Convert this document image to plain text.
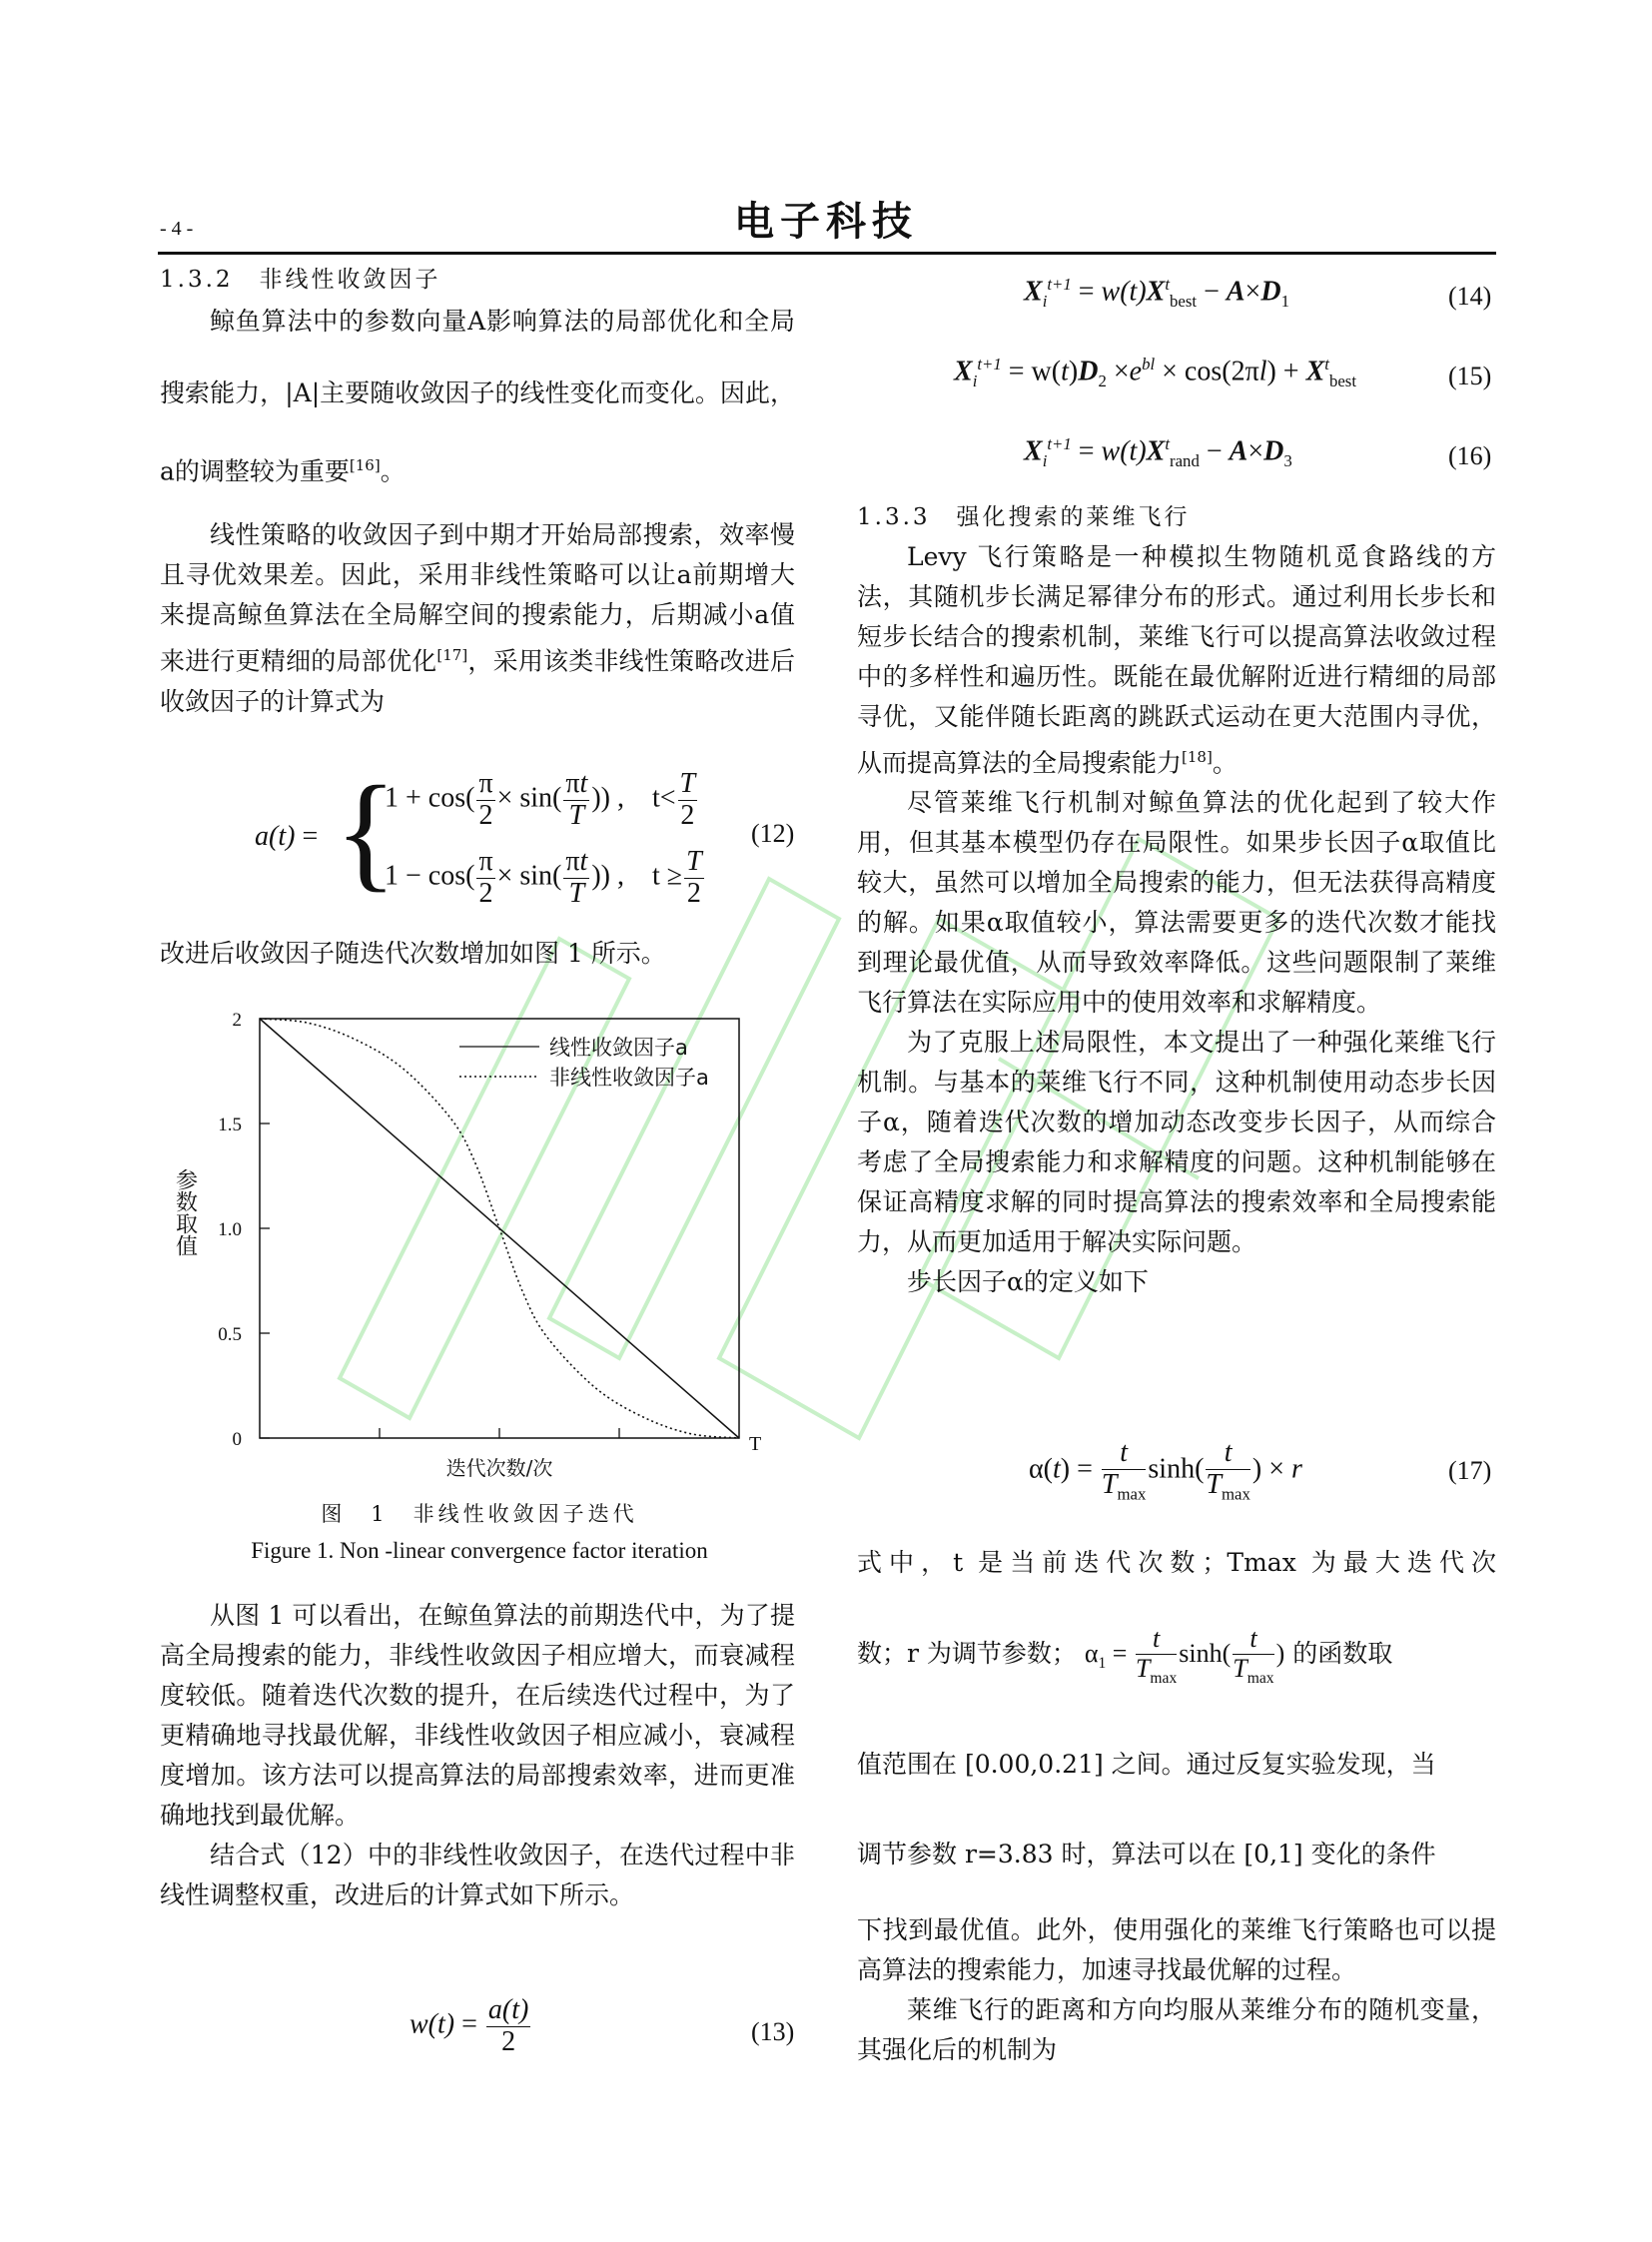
- 4 -	电子科技

1.3.2　非线性收敛因子

鲸鱼算法中的参数向量A影响算法的局部优化和全局搜索能力，|A|主要随收敛因子的线性变化而变化。因此，a的调整较为重要[16]。

线性策略的收敛因子到中期才开始局部搜索，效率慢且寻优效果差。因此，采用非线性策略可以让a前期增大来提高鲸鱼算法在全局解空间的搜索能力，后期减小a值来进行更精细的局部优化[17]，采用该类非线性策略改进后收敛因子的计算式为

a(t) = {
$1 + \cos( \frac{\pi}{2} \times \sin( \frac{\pi t}{T}$ )) ,    $t< \frac{T}{2}$
$1 - \cos( \frac{\pi}{2} \times \sin( \frac{\pi t}{T}$ )) ,    $t \ge \frac{T}{2}$
(12)

改进后收敛因子随迭代次数增加如图 1 所示。

0
0.5
1.0
1.5
2
T
线性收敛因子a
非线性收敛因子a
参数取值
迭代次数/次
图　1　非线性收敛因子迭代
Figure 1. Non -linear convergence factor iteration

从图 1 可以看出，在鲸鱼算法的前期迭代中，为了提高全局搜索的能力，非线性收敛因子相应增大，而衰减程度较低。随着迭代次数的提升，在后续迭代过程中，为了更精确地寻找最优解，非线性收敛因子相应减小，衰减程度增加。该方法可以提高算法的局部搜索效率，进而更准确地找到最优解。

结合式（12）中的非线性收敛因子，在迭代过程中非线性调整权重，改进后的计算式如下所示。

$w(t) = \frac{a(t)}{2}$	(13)
$X_i^{t+1} = w(t)X^t_{best} - A\times D_1$	(14)
$X_i^{t+1} = w(t)D_2 \times e^{bl} \times \cos(2\pi l) + X^t_{best}$	(15)
$X_i^{t+1} = w(t)X^t_{rand} - A\times D_3$	(16)

1.3.3　强化搜索的莱维飞行

Levy 飞行策略是一种模拟生物随机觅食路线的方法，其随机步长满足幂律分布的形式。通过利用长步长和短步长结合的搜索机制，莱维飞行可以提高算法收敛过程中的多样性和遍历性。既能在最优解附近进行精细的局部寻优，又能伴随长距离的跳跃式运动在更大范围内寻优，从而提高算法的全局搜索能力[18]。

尽管莱维飞行机制对鲸鱼算法的优化起到了较大作用，但其基本模型仍存在局限性。如果步长因子α取值比较大，虽然可以增加全局搜索的能力，但无法获得高精度的解。如果α取值较小，算法需要更多的迭代次数才能找到理论最优值，从而导致效率降低。这些问题限制了莱维飞行算法在实际应用中的使用效率和求解精度。

为了克服上述局限性，本文提出了一种强化莱维飞行机制。与基本的莱维飞行不同，这种机制使用动态步长因子α，随着迭代次数的增加动态改变步长因子，从而综合考虑了全局搜索能力和求解精度的问题。这种机制能够在保证高精度求解的同时提高算法的搜索效率和全局搜索能力，从而更加适用于解决实际问题。

步长因子α的定义如下

$\alpha(t) = \frac{t}{T_{max}} \sinh( \frac{t}{T_{max}}$ ) × r	(17)

式中，t 是当前迭代次数；Tmax 为最大迭代次

数；r 为调节参数； $\alpha_1 = \frac{t}{T_{max}} \sinh( \frac{t}{T_{max}}$ ) 的函数取

值范围在 [0.00,0.21] 之间。通过反复实验发现，当

调节参数 r=3.83 时，算法可以在 [0,1] 变化的条件

下找到最优值。此外，使用强化的莱维飞行策略也可以提高算法的搜索能力，加速寻找最优解的过程。

莱维飞行的距离和方向均服从莱维分布的随机变量，其强化后的机制为
